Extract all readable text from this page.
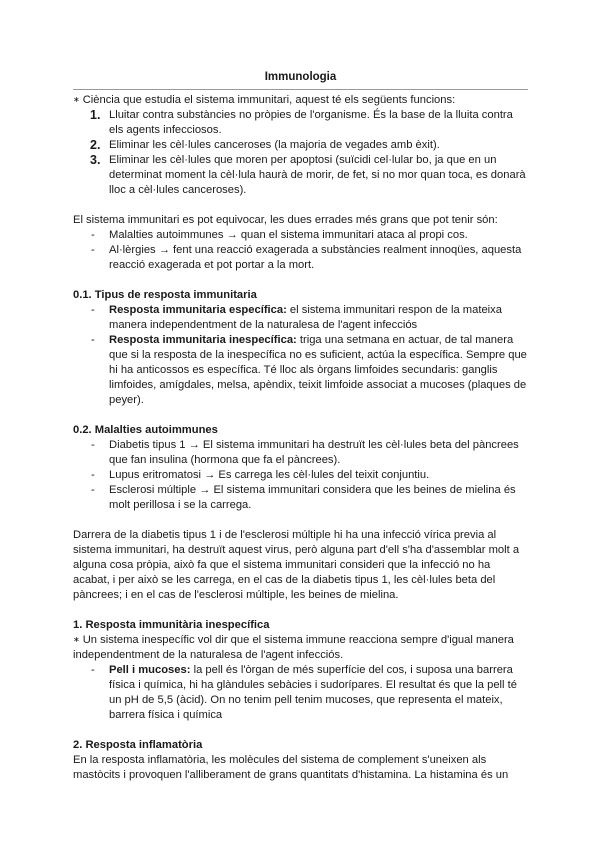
Immunologia

∗ Ciència que estudia el sistema immunitari, aquest té els següents funcions:

1. Lluitar contra substàncies no pròpies de l'organisme. És la base de la lluita contra els agents infecciosos.
2. Eliminar les cèl·lules canceroses (la majoria de vegades amb èxit).
3. Eliminar les cèl·lules que moren per apoptosi (suïcidi cel·lular bo, ja que en un determinat moment la cèl·lula haurà de morir, de fet, si no mor quan toca, es donarà lloc a cèl·lules canceroses).

El sistema immunitari es pot equivocar, les dues errades més grans que pot tenir són:

- Malalties autoimmunes → quan el sistema immunitari ataca al propi cos.
- Al·lèrgies → fent una reacció exagerada a substàncies realment innoqües, aquesta reacció exagerada et pot portar a la mort.

0.1. Tipus de resposta immunitaria

- Resposta immunitaria específica: el sistema immunitari respon de la mateixa manera independentment de la naturalesa de l'agent infecciós
- Resposta immunitaria inespecífica: triga una setmana en actuar, de tal manera que si la resposta de la inespecífica no es suficient, actúa la específica. Sempre que hi ha anticossos es específica. Té lloc als òrgans limfoides secundaris: ganglis limfoides, amígdales, melsa, apèndix, teixit limfoide associat a mucoses (plaques de peyer).

0.2. Malalties autoimmunes

- Diabetis tipus 1 → El sistema immunitari ha destruït les cèl·lules beta del pàncrees que fan insulina (hormona que fa el pàncrees).
- Lupus eritromatosi → Es carrega les cèl·lules del teixit conjuntiu.
- Esclerosi múltiple → El sistema immunitari considera que les beines de mielina és molt perillosa i se la carrega.

Darrera de la diabetis tipus 1 i de l'esclerosi múltiple hi ha una infecció vírica previa al sistema immunitari, ha destruït aquest virus, però alguna part d'ell s'ha d'assemblar molt a alguna cosa pròpia, això fa que el sistema immunitari consideri que la infecció no ha acabat, i per això se les carrega, en el cas de la diabetis tipus 1, les cèl·lules beta del pàncrees; i en el cas de l'esclerosi múltiple, les beines de mielina.

1. Resposta immunitària inespecífica

∗ Un sistema inespecífic vol dir que el sistema immune reacciona sempre d'igual manera independentment de la naturalesa de l'agent infecciós.

- Pell i mucoses: la pell és l'òrgan de més superfície del cos, i suposa una barrera física i química, hi ha glàndules sebàcies i sudorípares. El resultat és que la pell té un pH de 5,5 (àcid). On no tenim pell tenim mucoses, que representa el mateix, barrera física i química

2. Resposta inflamatòria

En la resposta inflamatòria, les molècules del sistema de complement s'uneixen als mastòcits i provoquen l'alliberament de grans quantitats d'histamina. La histamina és un
